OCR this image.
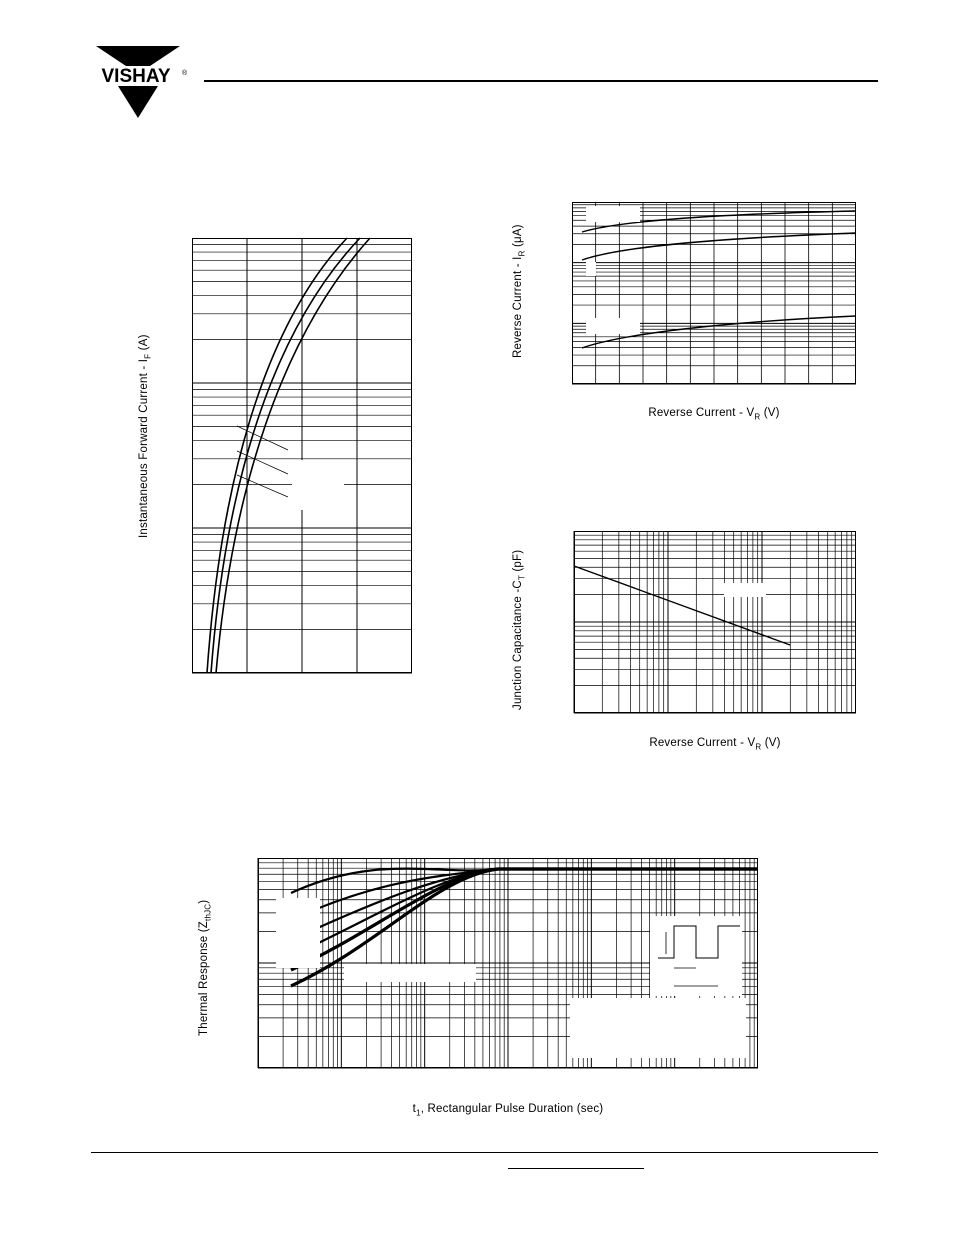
VISHAY ®
Instantaneous Forward Current - $I_F$ (A)	Reverse Current - $I_R$ (μA)
Reverse Current - $V_R$ (V)
Junction Capacitance $-C_T$ (pF)
Reverse Current - $V_R$ (V)
Thermal Response $(Z_{thJC})$
$t_1$, Rectangular Pulse Duration (sec)
